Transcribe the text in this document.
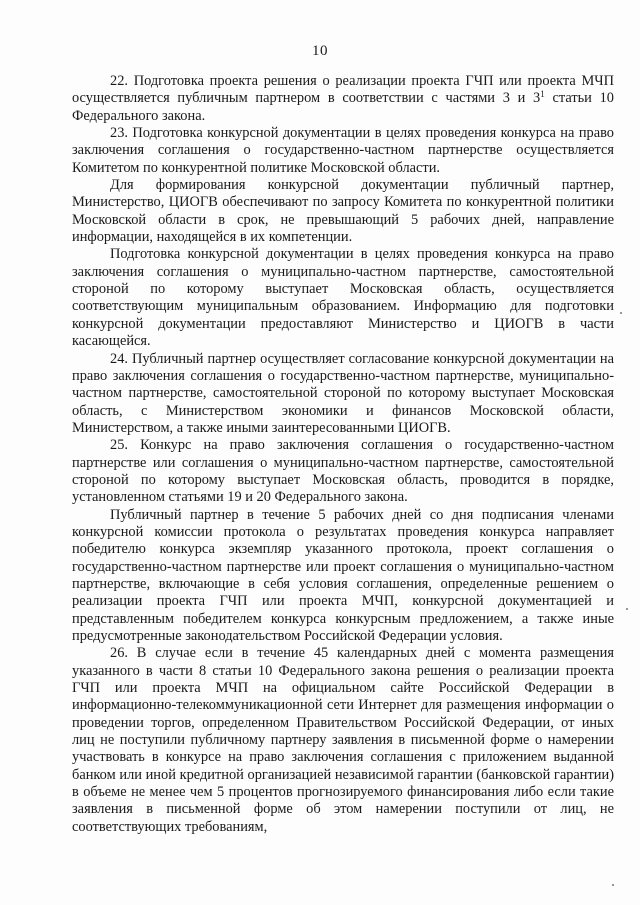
10

22. Подготовка проекта решения о реализации проекта ГЧП или проекта МЧП осуществляется публичным партнером в соответствии с частями 3 и $3^1$ статьи 10 Федерального закона.

23. Подготовка конкурсной документации в целях проведения конкурса на право заключения соглашения о государственно-частном партнерстве осуществляется Комитетом по конкурентной политике Московской области.

Для формирования конкурсной документации публичный партнер, Министерство, ЦИОГВ обеспечивают по запросу Комитета по конкурентной политики Московской области в срок, не превышающий 5 рабочих дней, направление информации, находящейся в их компетенции.

Подготовка конкурсной документации в целях проведения конкурса на право заключения соглашения о муниципально-частном партнерстве, самостоятельной стороной по которому выступает Московская область, осуществляется соответствующим муниципальным образованием. Информацию для подготовки конкурсной документации предоставляют Министерство и ЦИОГВ в части касающейся.

24. Публичный партнер осуществляет согласование конкурсной документации на право заключения соглашения о государственно-частном партнерстве, муниципально-частном партнерстве, самостоятельной стороной по которому выступает Московская область, с Министерством экономики и финансов Московской области, Министерством, а также иными заинтересованными ЦИОГВ.

25. Конкурс на право заключения соглашения о государственно-частном партнерстве или соглашения о муниципально-частном партнерстве, самостоятельной стороной по которому выступает Московская область, проводится в порядке, установленном статьями 19 и 20 Федерального закона.

Публичный партнер в течение 5 рабочих дней со дня подписания членами конкурсной комиссии протокола о результатах проведения конкурса направляет победителю конкурса экземпляр указанного протокола, проект соглашения о государственно-частном партнерстве или проект соглашения о муниципально-частном партнерстве, включающие в себя условия соглашения, определенные решением о реализации проекта ГЧП или проекта МЧП, конкурсной документацией и представленным победителем конкурса конкурсным предложением, а также иные предусмотренные законодательством Российской Федерации условия.

26. В случае если в течение 45 календарных дней с момента размещения указанного в части 8 статьи 10 Федерального закона решения о реализации проекта ГЧП или проекта МЧП на официальном сайте Российской Федерации в информационно-телекоммуникационной сети Интернет для размещения информации о проведении торгов, определенном Правительством Российской Федерации, от иных лиц не поступили публичному партнеру заявления в письменной форме о намерении участвовать в конкурсе на право заключения соглашения с приложением выданной банком или иной кредитной организацией независимой гарантии (банковской гарантии) в объеме не менее чем 5 процентов прогнозируемого финансирования либо если такие заявления в письменной форме об этом намерении поступили от лиц, не соответствующих требованиям,
